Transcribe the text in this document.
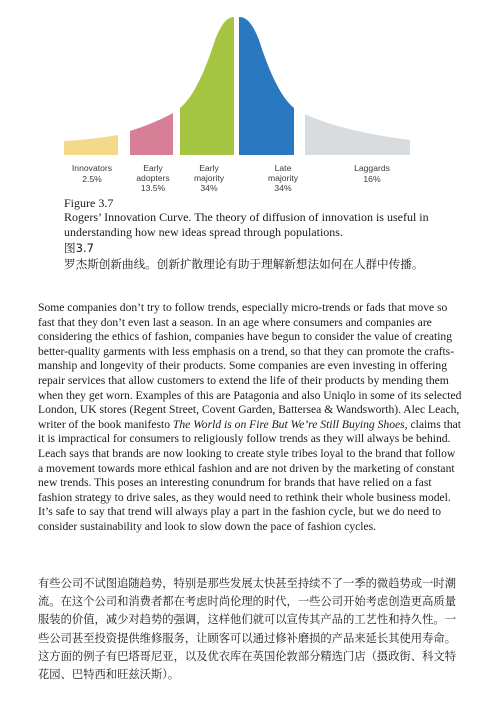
Innovators
2.5%
Early
adopters
13.5%
Early
majority
34%
Late
majority
34%
Laggards
16%
Figure 3.7
Rogers’ Innovation Curve. The theory of diffusion of innovation is useful in understanding how new ideas spread through populations.
图3.7
罗杰斯创新曲线。创新扩散理论有助于理解新想法如何在人群中传播。

Some companies don’t try to follow trends, especially micro-trends or fads that move so fast that they don’t even last a season. In an age where consumers and companies are considering the ethics of fashion, companies have begun to consider the value of creating better-quality garments with less emphasis on a trend, so that they can promote the crafts-manship and longevity of their products. Some companies are even investing in offering repair services that allow customers to extend the life of their products by mending them when they get worn. Examples of this are Patagonia and also Uniqlo in some of its selected London, UK stores (Regent Street, Covent Garden, Battersea & Wandsworth). Alec Leach, writer of the book manifesto The World is on Fire But We’re Still Buying Shoes, claims that it is impractical for consumers to religiously follow trends as they will always be behind. Leach says that brands are now looking to create style tribes loyal to the brand that follow a movement towards more ethical fashion and are not driven by the marketing of constant new trends. This poses an interesting conundrum for brands that have relied on a fast fashion strategy to drive sales, as they would need to rethink their whole business model. It’s safe to say that trend will always play a part in the fashion cycle, but we do need to consider sustainability and look to slow down the pace of fashion cycles.

有些公司不试图追随趋势，特别是那些发展太快甚至持续不了一季的微趋势或一时潮流。在这个公司和消费者都在考虑时尚伦理的时代，一些公司开始考虑创造更高质量服装的价值，减少对趋势的强调，这样他们就可以宣传其产品的工艺性和持久性。一些公司甚至投资提供维修服务，让顾客可以通过修补磨损的产品来延长其使用寿命。这方面的例子有巴塔哥尼亚，以及优衣库在英国伦敦部分精选门店（摄政街、科文特花园、巴特西和旺兹沃斯）。
